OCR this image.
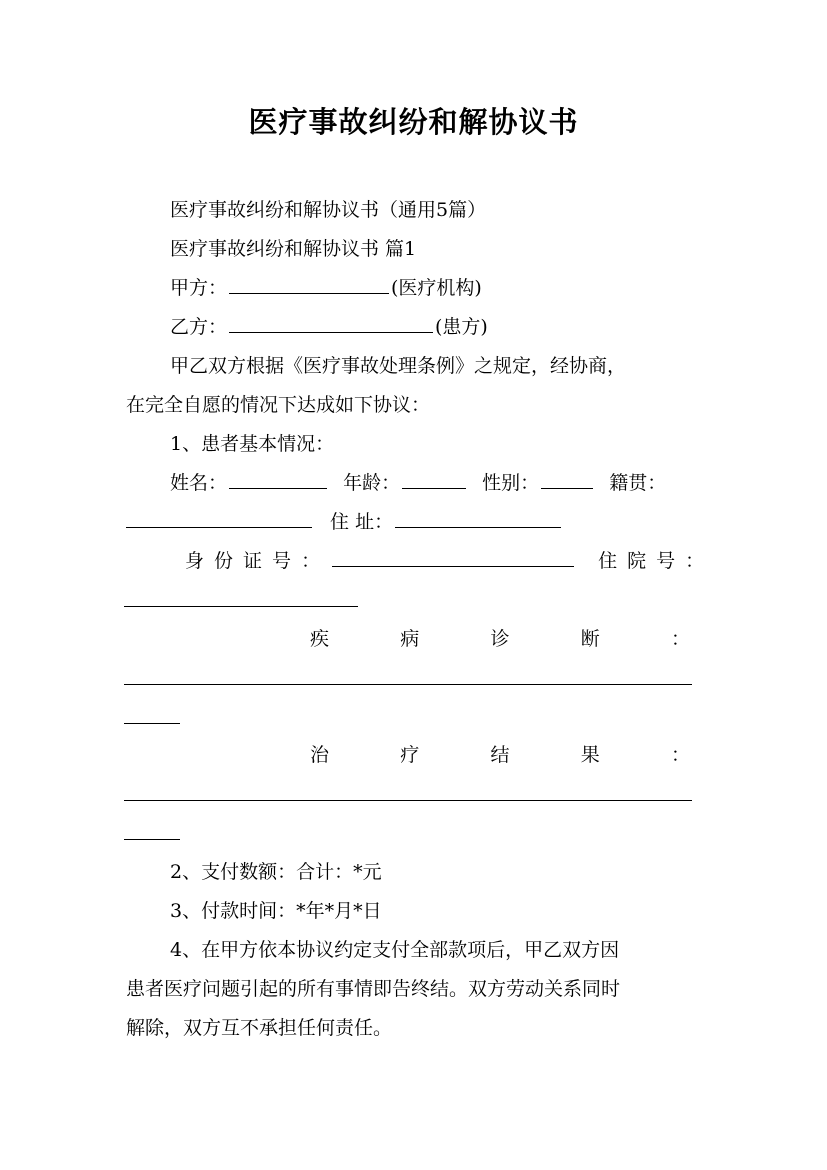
医疗事故纠纷和解协议书
医疗事故纠纷和解协议书（通用5篇）
医疗事故纠纷和解协议书 篇1
甲方：	(医疗机构)
乙方：	(患方)
甲乙双方根据《医疗事故处理条例》之规定，经协商，
在完全自愿的情况下达成如下协议：
1、患者基本情况：
姓名：	年龄：	性别：	籍贯：
住 址：
身份证号：	住院号：
疾	病	诊	断	：
治	疗	结	果	：
2、支付数额：合计：*元
3、付款时间：*年*月*日
4、在甲方依本协议约定支付全部款项后，甲乙双方因
患者医疗问题引起的所有事情即告终结。双方劳动关系同时
解除，双方互不承担任何责任。
